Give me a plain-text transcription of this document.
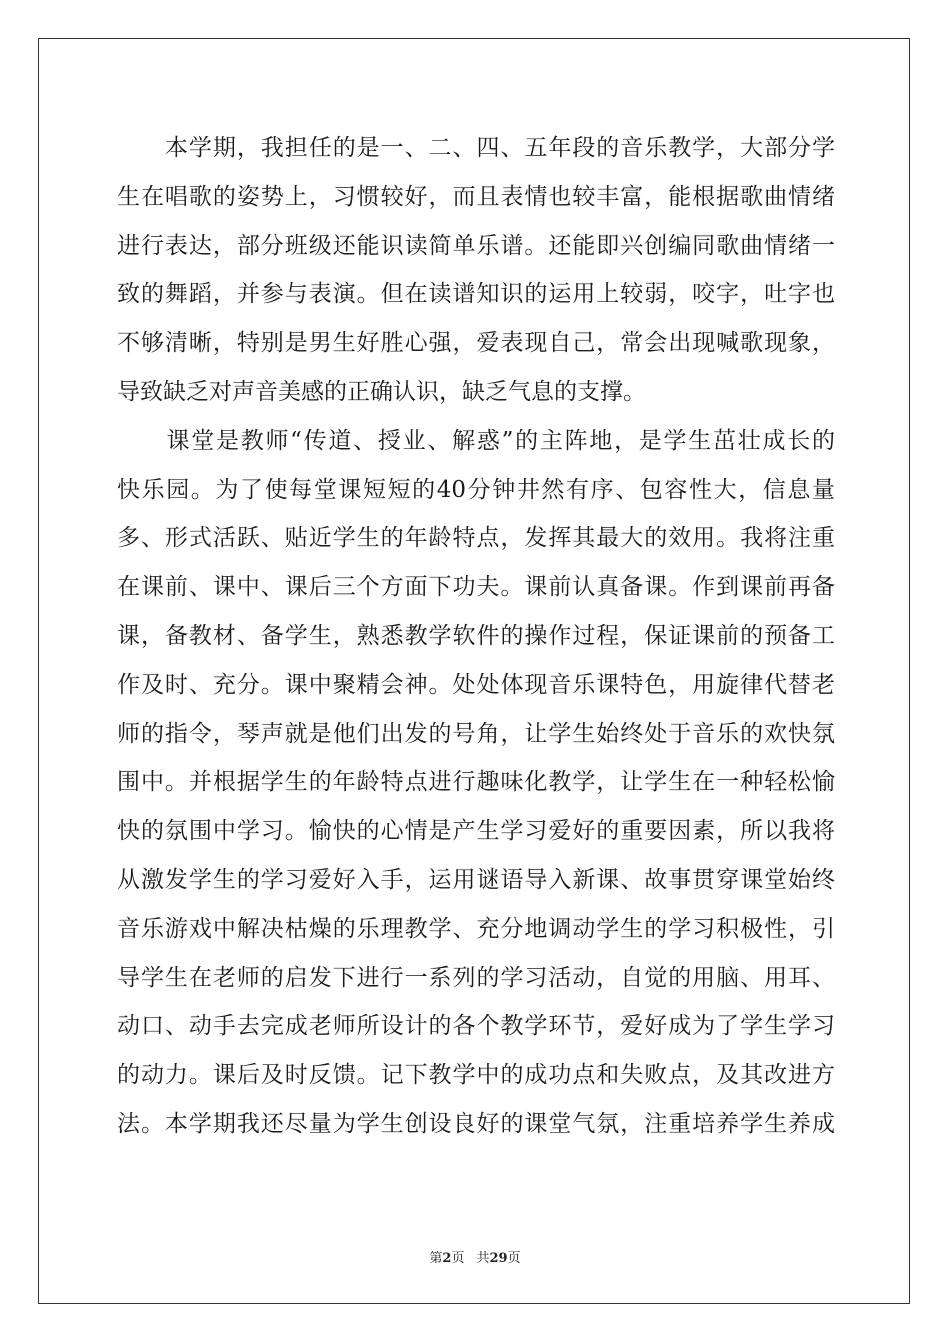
　　本学期，我担任的是一、二、四、五年段的音乐教学，大部分学
生在唱歌的姿势上，习惯较好，而且表情也较丰富，能根据歌曲情绪
进行表达，部分班级还能识读简单乐谱。还能即兴创编同歌曲情绪一
致的舞蹈，并参与表演。但在读谱知识的运用上较弱，咬字，吐字也
不够清晰，特别是男生好胜心强，爱表现自己，常会出现喊歌现象，
导致缺乏对声音美感的正确认识，缺乏气息的支撑。
　　课堂是教师“传道、授业、解惑”的主阵地，是学生茁壮成长的
快乐园。为了使每堂课短短的40分钟井然有序、包容性大，信息量
多、形式活跃、贴近学生的年龄特点，发挥其最大的效用。我将注重
在课前、课中、课后三个方面下功夫。课前认真备课。作到课前再备
课，备教材、备学生，熟悉教学软件的操作过程，保证课前的预备工
作及时、充分。课中聚精会神。处处体现音乐课特色，用旋律代替老
师的指令，琴声就是他们出发的号角，让学生始终处于音乐的欢快氛
围中。并根据学生的年龄特点进行趣味化教学，让学生在一种轻松愉
快的氛围中学习。愉快的心情是产生学习爱好的重要因素，所以我将
从激发学生的学习爱好入手，运用谜语导入新课、故事贯穿课堂始终
音乐游戏中解决枯燥的乐理教学、充分地调动学生的学习积极性，引
导学生在老师的启发下进行一系列的学习活动，自觉的用脑、用耳、
动口、动手去完成老师所设计的各个教学环节，爱好成为了学生学习
的动力。课后及时反馈。记下教学中的成功点和失败点，及其改进方
法。本学期我还尽量为学生创设良好的课堂气氛，注重培养学生养成
第2页 共29页
